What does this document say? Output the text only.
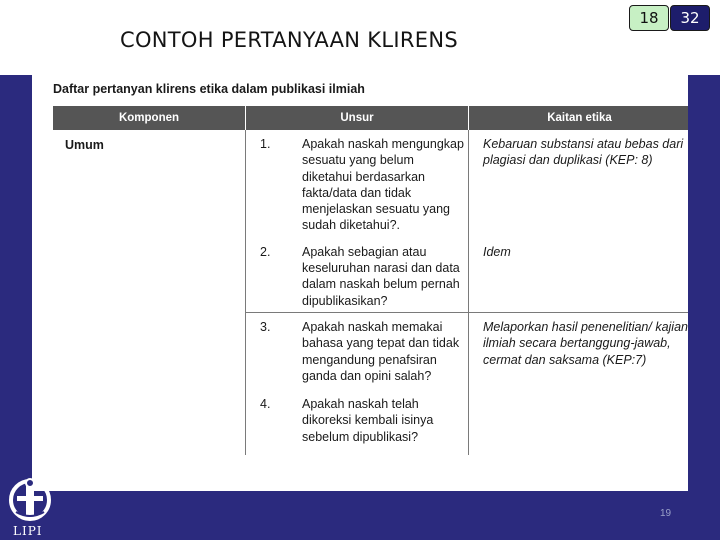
CONTOH PERTANYAAN KLIRENS
18	32
Daftar pertanyan klirens etika dalam publikasi ilmiah
Komponen	Unsur	Kaitan etika
Umum	1. Apakah naskah mengungkap sesuatu yang belum diketahui berdasarkan fakta/data dan tidak menjelaskan sesuatu yang sudah diketahui?.	Kebaruan substansi atau bebas dari plagiasi dan duplikasi (KEP: 8)

	2. Apakah sebagian atau keseluruhan narasi dan data dalam naskah belum pernah dipublikasikan?	Idem

	3. Apakah naskah memakai bahasa yang tepat dan tidak mengandung penafsiran ganda dan opini salah?	Melaporkan hasil penenelitian/ kajian ilmiah secara bertanggung-jawab, cermat dan saksama (KEP:7)

	4. Apakah naskah telah dikoreksi kembali isinya sebelum dipublikasi?	
19
LIPI
